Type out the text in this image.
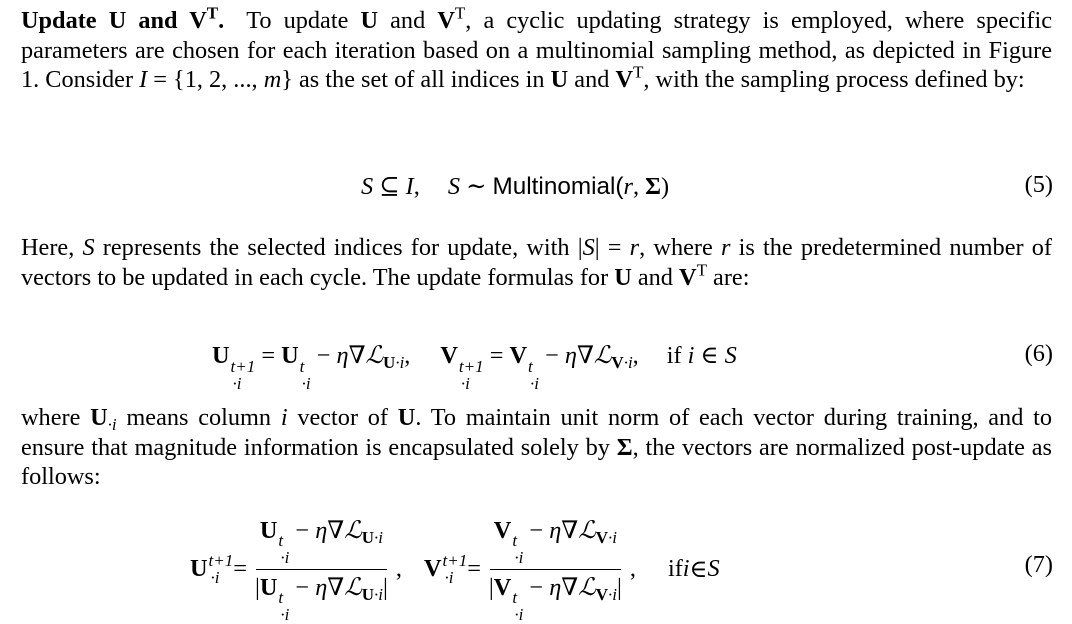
Update U and $V^T$. To update U and $V^T$, a cyclic updating strategy is employed, where specific parameters are chosen for each iteration based on a multinomial sampling method, as depicted in Figure 1. Consider I = {1, 2, ..., m} as the set of all indices in U and $V^T$, with the sampling process defined by:
S ⊆ I, S ∼ Multinomial(r, Σ)	(5)
Here, S represents the selected indices for update, with |S| = r, where r is the predetermined number of vectors to be updated in each cycle. The update formulas for U and $V^T$ are:
U t+1
·i
= U t
·i
− η∇ℒ$_{U\cdot i}$, V t+1
·i
= V t
·i
− η∇ℒ$_{V\cdot i}$, if i ∈ S	(6)
where $U_{\cdot i}$ means column i vector of U. To maintain unit norm of each vector during training, and to ensure that magnitude information is encapsulated solely by Σ, the vectors are normalized post-update as follows:
U t+1
·i = U t
·i
− η∇ℒ$_{U\cdot i}$
|U t
·i
− η∇ℒ$_{U\cdot i}$| , V t+1
·i = V t
·i
− η∇ℒ$_{V\cdot i}$
|V t
·i
− η∇ℒ$_{V\cdot i}$| , if i ∈ S	(7)
